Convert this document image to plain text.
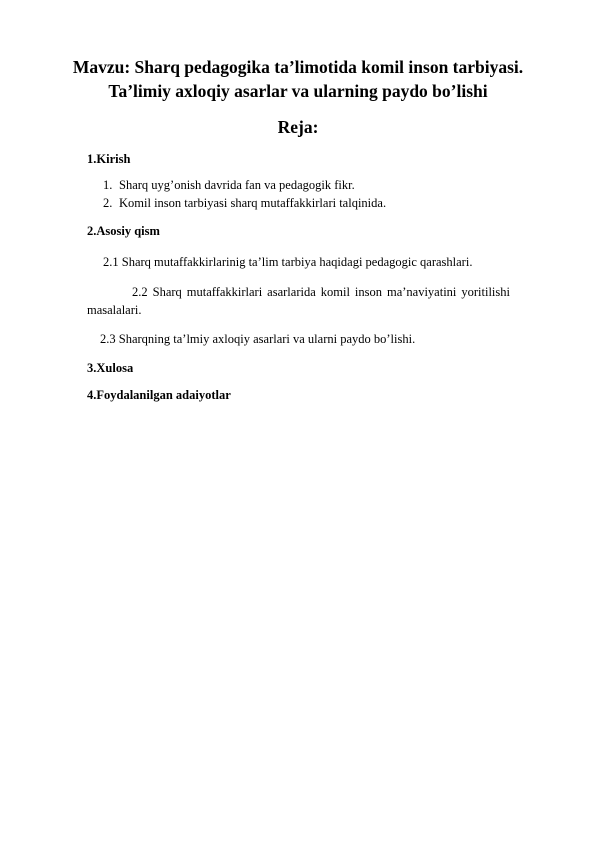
Mavzu: Sharq pedagogika ta’limotida komil inson tarbiyasi.
Ta’limiy axloqiy asarlar va ularning paydo bo’lishi
Reja:
1.Kirish
1. Sharq uyg’onish davrida fan va pedagogik fikr.
2. Komil inson tarbiyasi sharq mutaffakkirlari talqinida.
2.Asosiy qism
2.1 Sharq mutaffakkirlarinig ta’lim tarbiya haqidagi pedagogic qarashlari.
2.2 Sharq mutaffakkirlari asarlarida komil inson ma’naviyatini yoritilishi
masalalari.
2.3 Sharqning ta’lmiy axloqiy asarlari va ularni paydo bo’lishi.
3.Xulosa
4.Foydalanilgan adaiyotlar
